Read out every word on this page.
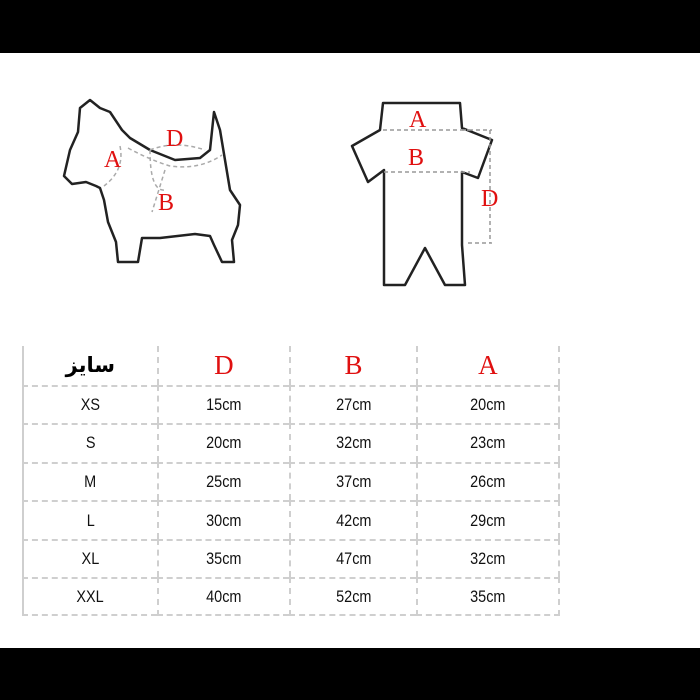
A
D
B
A
B
D
سایز	D	B	A
XS	15cm	27cm	20cm
S	20cm	32cm	23cm
M	25cm	37cm	26cm
L	30cm	42cm	29cm
XL	35cm	47cm	32cm
XXL	40cm	52cm	35cm
